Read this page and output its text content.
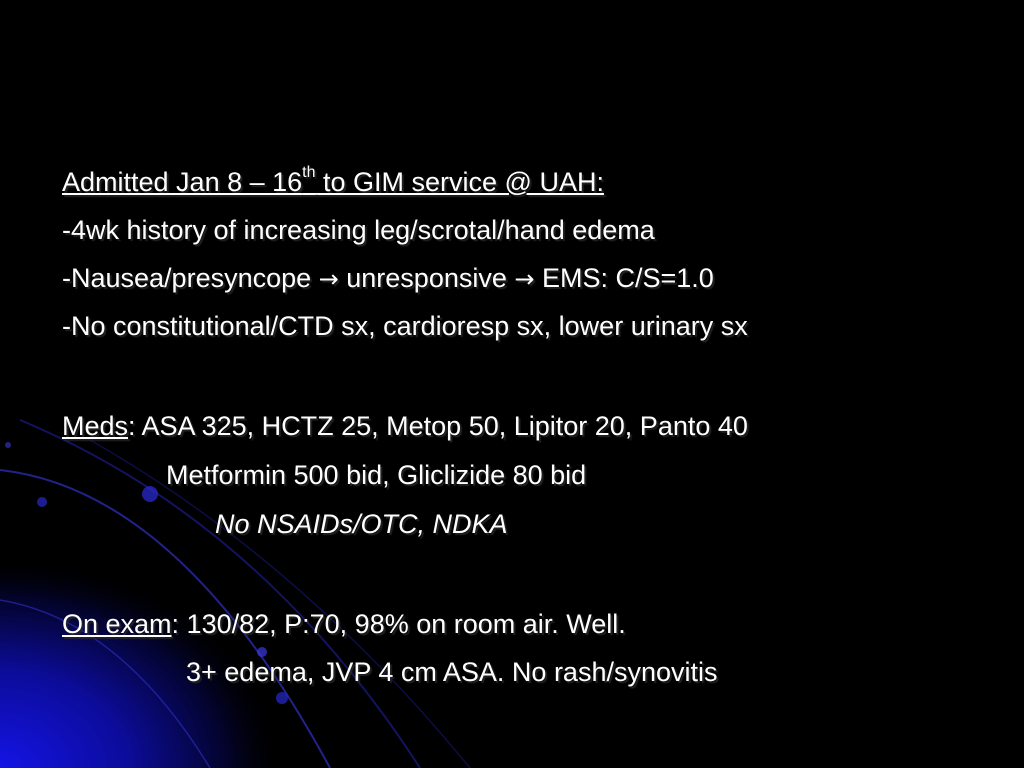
Admitted Jan 8 – 16th to GIM service @ UAH:
-4wk history of increasing leg/scrotal/hand edema
-Nausea/presyncope → unresponsive → EMS: C/S=1.0
-No constitutional/CTD sx, cardioresp sx, lower urinary sx
Meds: ASA 325, HCTZ 25, Metop 50, Lipitor 20, Panto 40
Metformin 500 bid, Gliclizide 80 bid
No NSAIDs/OTC, NDKA
On exam: 130/82, P:70, 98% on room air. Well.
3+ edema, JVP 4 cm ASA. No rash/synovitis
